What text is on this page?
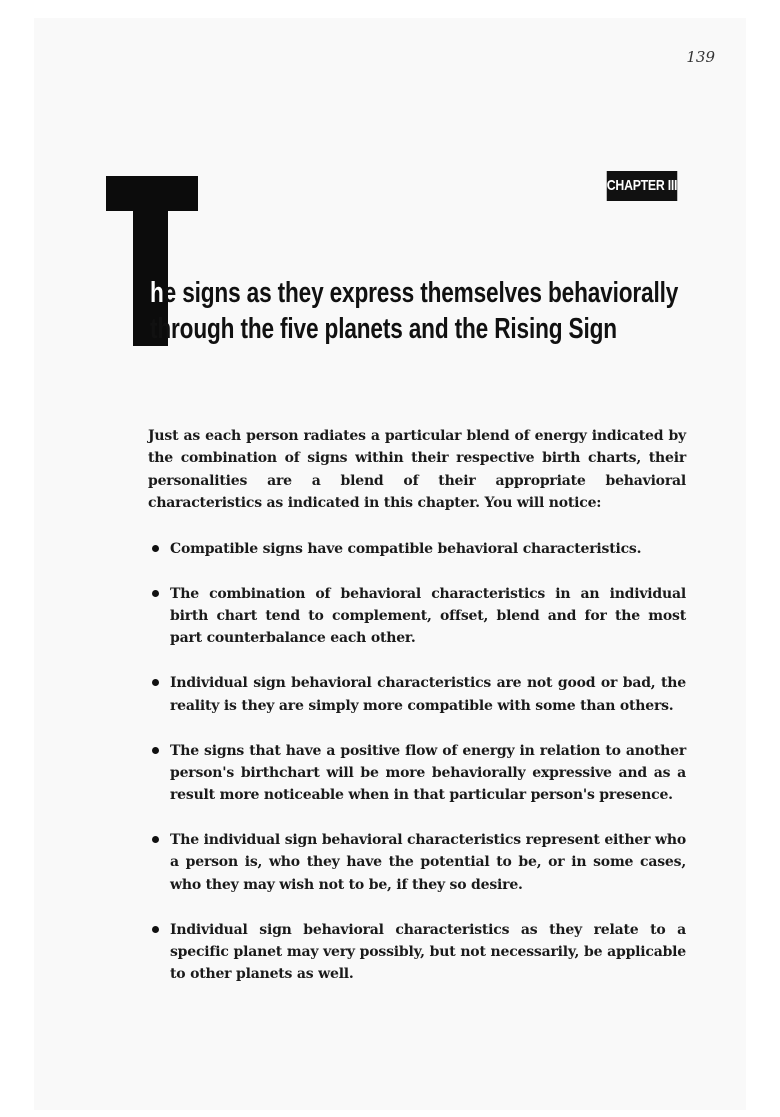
139
CHAPTER III
he signs as they express themselves behaviorally
through the five planets and the Rising Sign
Just as each person radiates a particular blend of energy indicated by the combination of signs within their respective birth charts, their personalities are a blend of their appropriate behavioral characteristics as indicated in this chapter. You will notice:
Compatible signs have compatible behavioral characteristics.
The combination of behavioral characteristics in an individual birth chart tend to complement, offset, blend and for the most part counterbalance each other.
Individual sign behavioral characteristics are not good or bad, the reality is they are simply more compatible with some than others.
The signs that have a positive flow of energy in relation to another person's birthchart will be more behaviorally expressive and as a result more noticeable when in that particular person's presence.
The individual sign behavioral characteristics represent either who a person is, who they have the potential to be, or in some cases, who they may wish not to be, if they so desire.
Individual sign behavioral characteristics as they relate to a specific planet may very possibly, but not necessarily, be applicable to other planets as well.
